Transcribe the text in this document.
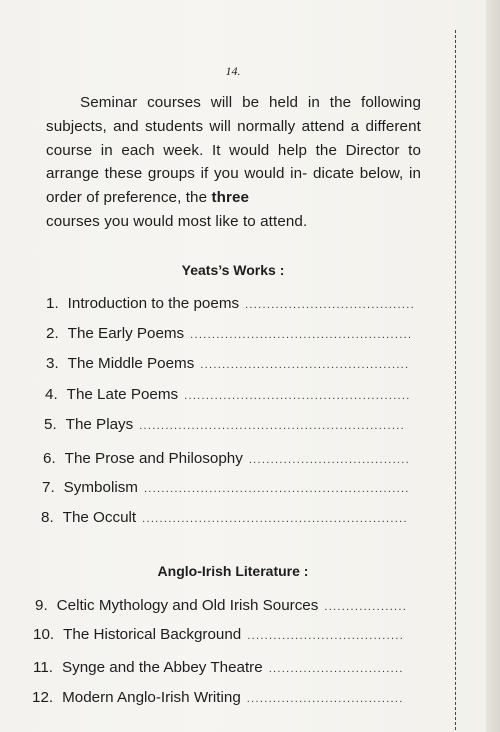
14.
Seminar courses will be held in the following subjects, and students will normally attend a different course in each week. It would help the Director to arrange these groups if you would in- dicate below, in order of preference, the three
courses you would most like to attend.
Yeats’s Works :
1. Introduction to the poems
.....
2. The Early Poems
.....
3. The Middle Poems
.....
4. The Late Poems
.....
5. The Plays
.....
6. The Prose and Philosophy
.....
7. Symbolism
.....
8. The Occult
.....
Anglo-Irish Literature :
9. Celtic Mythology and Old Irish Sources
.....
10. The Historical Background
.....
11. Synge and the Abbey Theatre
.....
12. Modern Anglo-Irish Writing
.....
